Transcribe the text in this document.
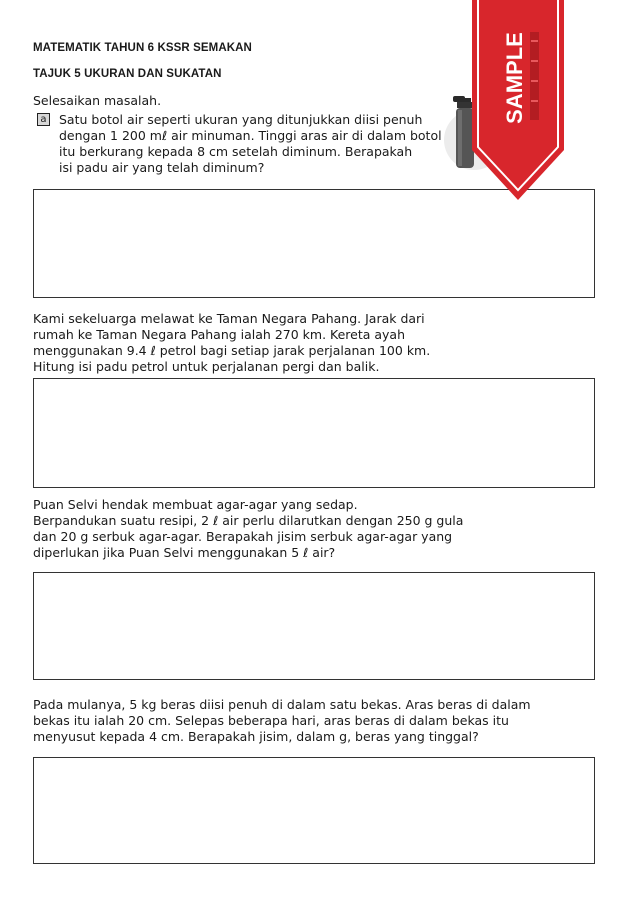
MATEMATIK TAHUN 6 KSSR SEMAKAN
TAJUK 5 UKURAN DAN SUKATAN
Selesaikan masalah.
a Satu botol air seperti ukuran yang ditunjukkan diisi penuh
dengan 1 200 mℓ air minuman. Tinggi aras air di dalam botol
itu berkurang kepada 8 cm setelah diminum. Berapakah
isi padu air yang telah diminum?
Kami sekeluarga melawat ke Taman Negara Pahang. Jarak dari
rumah ke Taman Negara Pahang ialah 270 km. Kereta ayah
menggunakan 9.4 ℓ petrol bagi setiap jarak perjalanan 100 km.
Hitung isi padu petrol untuk perjalanan pergi dan balik.
Puan Selvi hendak membuat agar-agar yang sedap.
Berpandukan suatu resipi, 2 ℓ air perlu dilarutkan dengan 250 g gula
dan 20 g serbuk agar-agar. Berapakah jisim serbuk agar-agar yang
diperlukan jika Puan Selvi menggunakan 5 ℓ air?
Pada mulanya, 5 kg beras diisi penuh di dalam satu bekas. Aras beras di dalam
bekas itu ialah 20 cm. Selepas beberapa hari, aras beras di dalam bekas itu
menyusut kepada 4 cm. Berapakah jisim, dalam g, beras yang tinggal?
SAMPLE
